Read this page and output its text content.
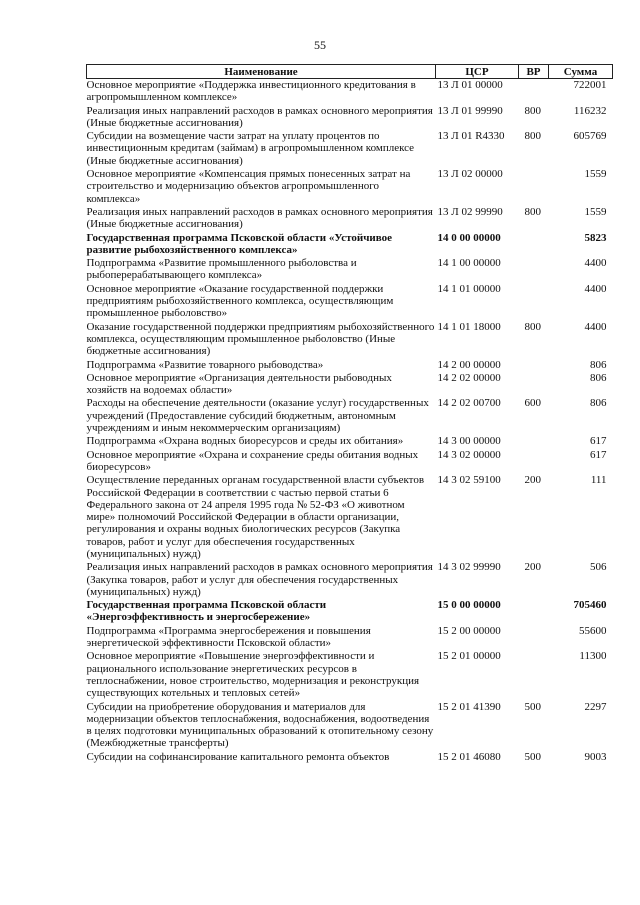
55
Наименование	ЦСР	ВР	Сумма
Основное мероприятие «Поддержка инвестиционного кредитования в агропромышленном комплексе»	13 Л 01 00000		722001
Реализация иных направлений расходов в рамках основного мероприятия (Иные бюджетные ассигнования)	13 Л 01 99990	800	116232
Субсидии на возмещение части затрат на уплату процентов по инвестиционным кредитам (займам) в агропромышленном комплексе (Иные бюджетные ассигнования)	13 Л 01 R4330	800	605769
Основное мероприятие «Компенсация прямых понесенных затрат на строительство и модернизацию объектов агропромышленного комплекса»	13 Л 02 00000		1559
Реализация иных направлений расходов в рамках основного мероприятия (Иные бюджетные ассигнования)	13 Л 02 99990	800	1559
Государственная программа Псковской области «Устойчивое развитие рыбохозяйственного комплекса»	14 0 00 00000		5823
Подпрограмма «Развитие промышленного рыболовства и рыбоперерабатывающего комплекса»	14 1 00 00000		4400
Основное мероприятие «Оказание государственной поддержки предприятиям рыбохозяйственного комплекса, осуществляющим промышленное рыболовство»	14 1 01 00000		4400
Оказание государственной поддержки предприятиям рыбохозяйственного комплекса, осуществляющим промышленное рыболовство (Иные бюджетные ассигнования)	14 1 01 18000	800	4400
Подпрограмма «Развитие товарного рыбоводства»	14 2 00 00000		806
Основное мероприятие «Организация деятельности рыбоводных хозяйств на водоемах области»	14 2 02 00000		806
Расходы на обеспечение деятельности (оказание услуг) государственных учреждений (Предоставление субсидий бюджетным, автономным учреждениям и иным некоммерческим организациям)	14 2 02 00700	600	806
Подпрограмма «Охрана водных биоресурсов и среды их обитания»	14 3 00 00000		617
Основное мероприятие «Охрана и сохранение среды обитания водных биоресурсов»	14 3 02 00000		617
Осуществление переданных органам государственной власти субъектов Российской Федерации в соответствии с частью первой статьи 6 Федерального закона от 24 апреля 1995 года № 52-ФЗ «О животном мире» полномочий Российской Федерации в области организации, регулирования и охраны водных биологических ресурсов (Закупка товаров, работ и услуг для обеспечения государственных (муниципальных) нужд)	14 3 02 59100	200	111
Реализация иных направлений расходов в рамках основного мероприятия (Закупка товаров, работ и услуг для обеспечения государственных (муниципальных) нужд)	14 3 02 99990	200	506
Государственная программа Псковской области «Энергоэффективность и энергосбережение»	15 0 00 00000		705460
Подпрограмма «Программа энергосбережения и повышения энергетической эффективности Псковской области»	15 2 00 00000		55600
Основное мероприятие «Повышение энергоэффективности и рационального использование энергетических ресурсов в теплоснабжении, новое строительство, модернизация и реконструкция существующих котельных и тепловых сетей»	15 2 01 00000		11300
Субсидии на приобретение оборудования и материалов для модернизации объектов теплоснабжения, водоснабжения, водоотведения в целях подготовки муниципальных образований к отопительному сезону (Межбюджетные трансферты)	15 2 01 41390	500	2297
Субсидии на софинансирование капитального ремонта объектов	15 2 01 46080	500	9003
